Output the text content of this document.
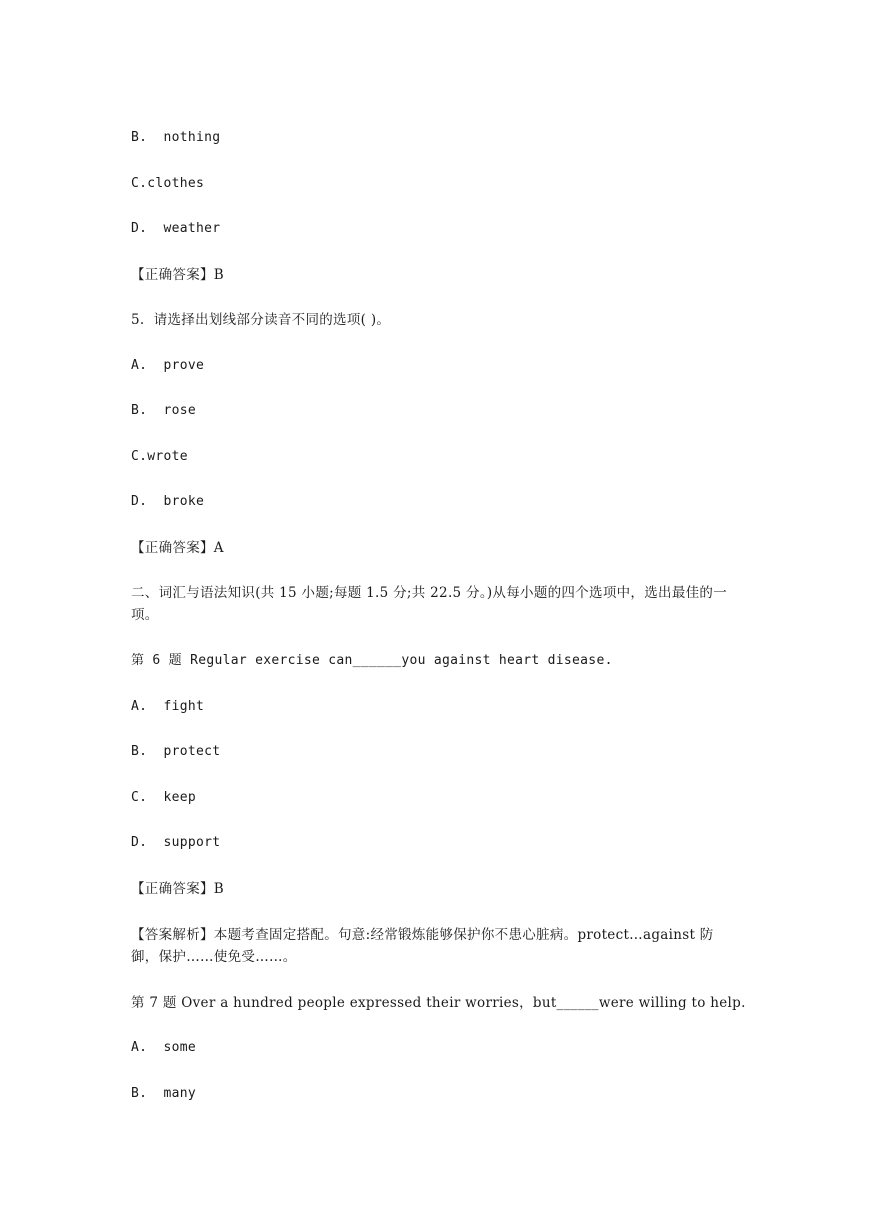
B.  nothing
C.clothes
D.  weather
【正确答案】B
5.  请选择出划线部分读音不同的选项( )。
A.  prove
B.  rose
C.wrote
D.  broke
【正确答案】A
二、词汇与语法知识(共 15 小题;每题 1.5 分;共 22.5 分。)从每小题的四个选项中，选出最佳的一项。
第 6 题 Regular exercise can______you against heart disease.
A.  fight
B.  protect
C.  keep
D.  support
【正确答案】B
【答案解析】本题考查固定搭配。句意:经常锻炼能够保护你不患心脏病。protect…against 防御，保护……使免受……。
第 7 题 Over a hundred people expressed their worries，but______were willing to help.
A.  some
B.  many
